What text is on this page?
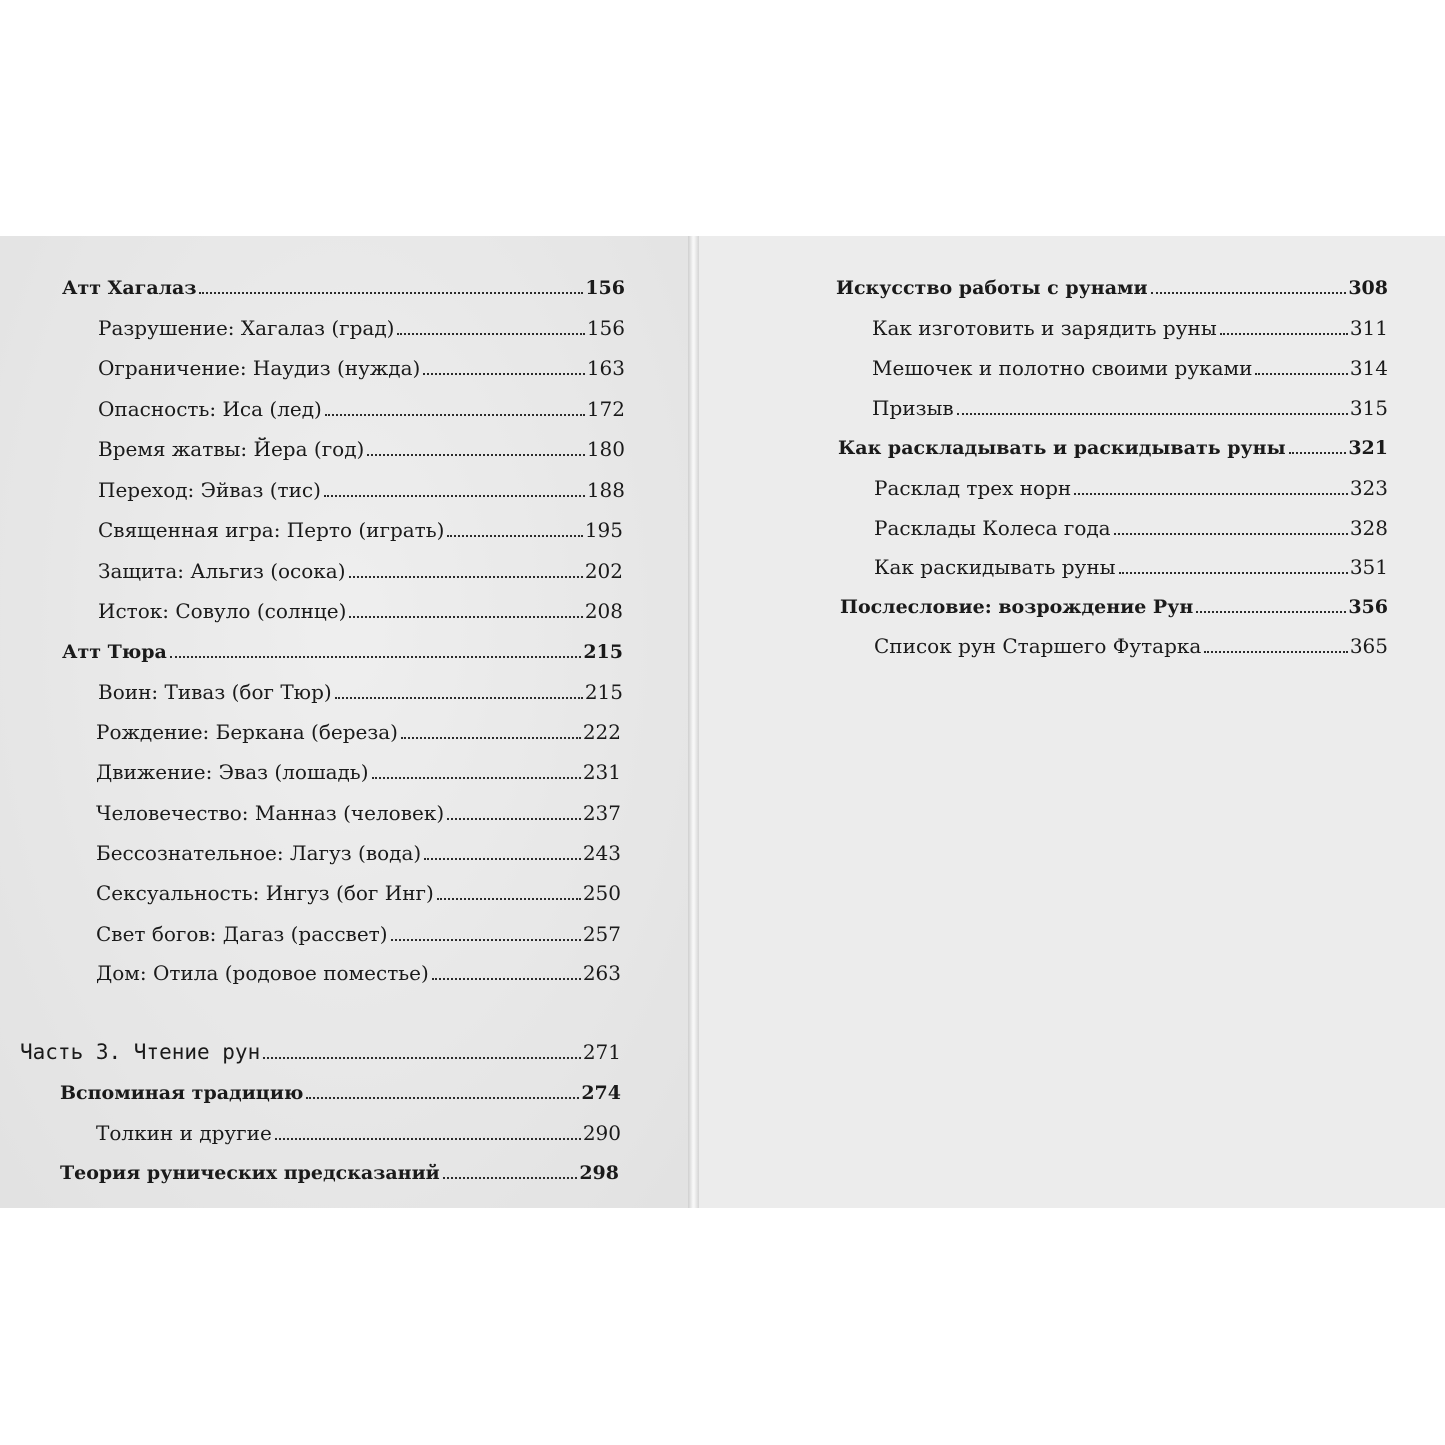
Атт Хагалаз	156
Разрушение: Хагалаз (град)	156
Ограничение: Наудиз (нужда)	163
Опасность: Иса (лед)	172
Время жатвы: Йера (год)	180
Переход: Эйваз (тис)	188
Священная игра: Перто (играть)	195
Защита: Альгиз (осока)	202
Исток: Совуло (солнце)	208
Атт Тюра	215
Воин: Тиваз (бог Тюр)	215
Рождение: Беркана (береза)	222
Движение: Эваз (лошадь)	231
Человечество: Манназ (человек)	237
Бессознательное: Лагуз (вода)	243
Сексуальность: Ингуз (бог Инг)	250
Свет богов: Дагаз (рассвет)	257
Дом: Отила (родовое поместье)	263
Часть 3. Чтение рун	271
Вспоминая традицию	274
Толкин и другие	290
Теория рунических предсказаний	298
Искусство работы с рунами	308
Как изготовить и зарядить руны	311
Мешочек и полотно своими руками	314
Призыв	315
Как раскладывать и раскидывать руны	321
Расклад трех норн	323
Расклады Колеса года	328
Как раскидывать руны	351
Послесловие: возрождение Рун	356
Список рун Старшего Футарка	365
